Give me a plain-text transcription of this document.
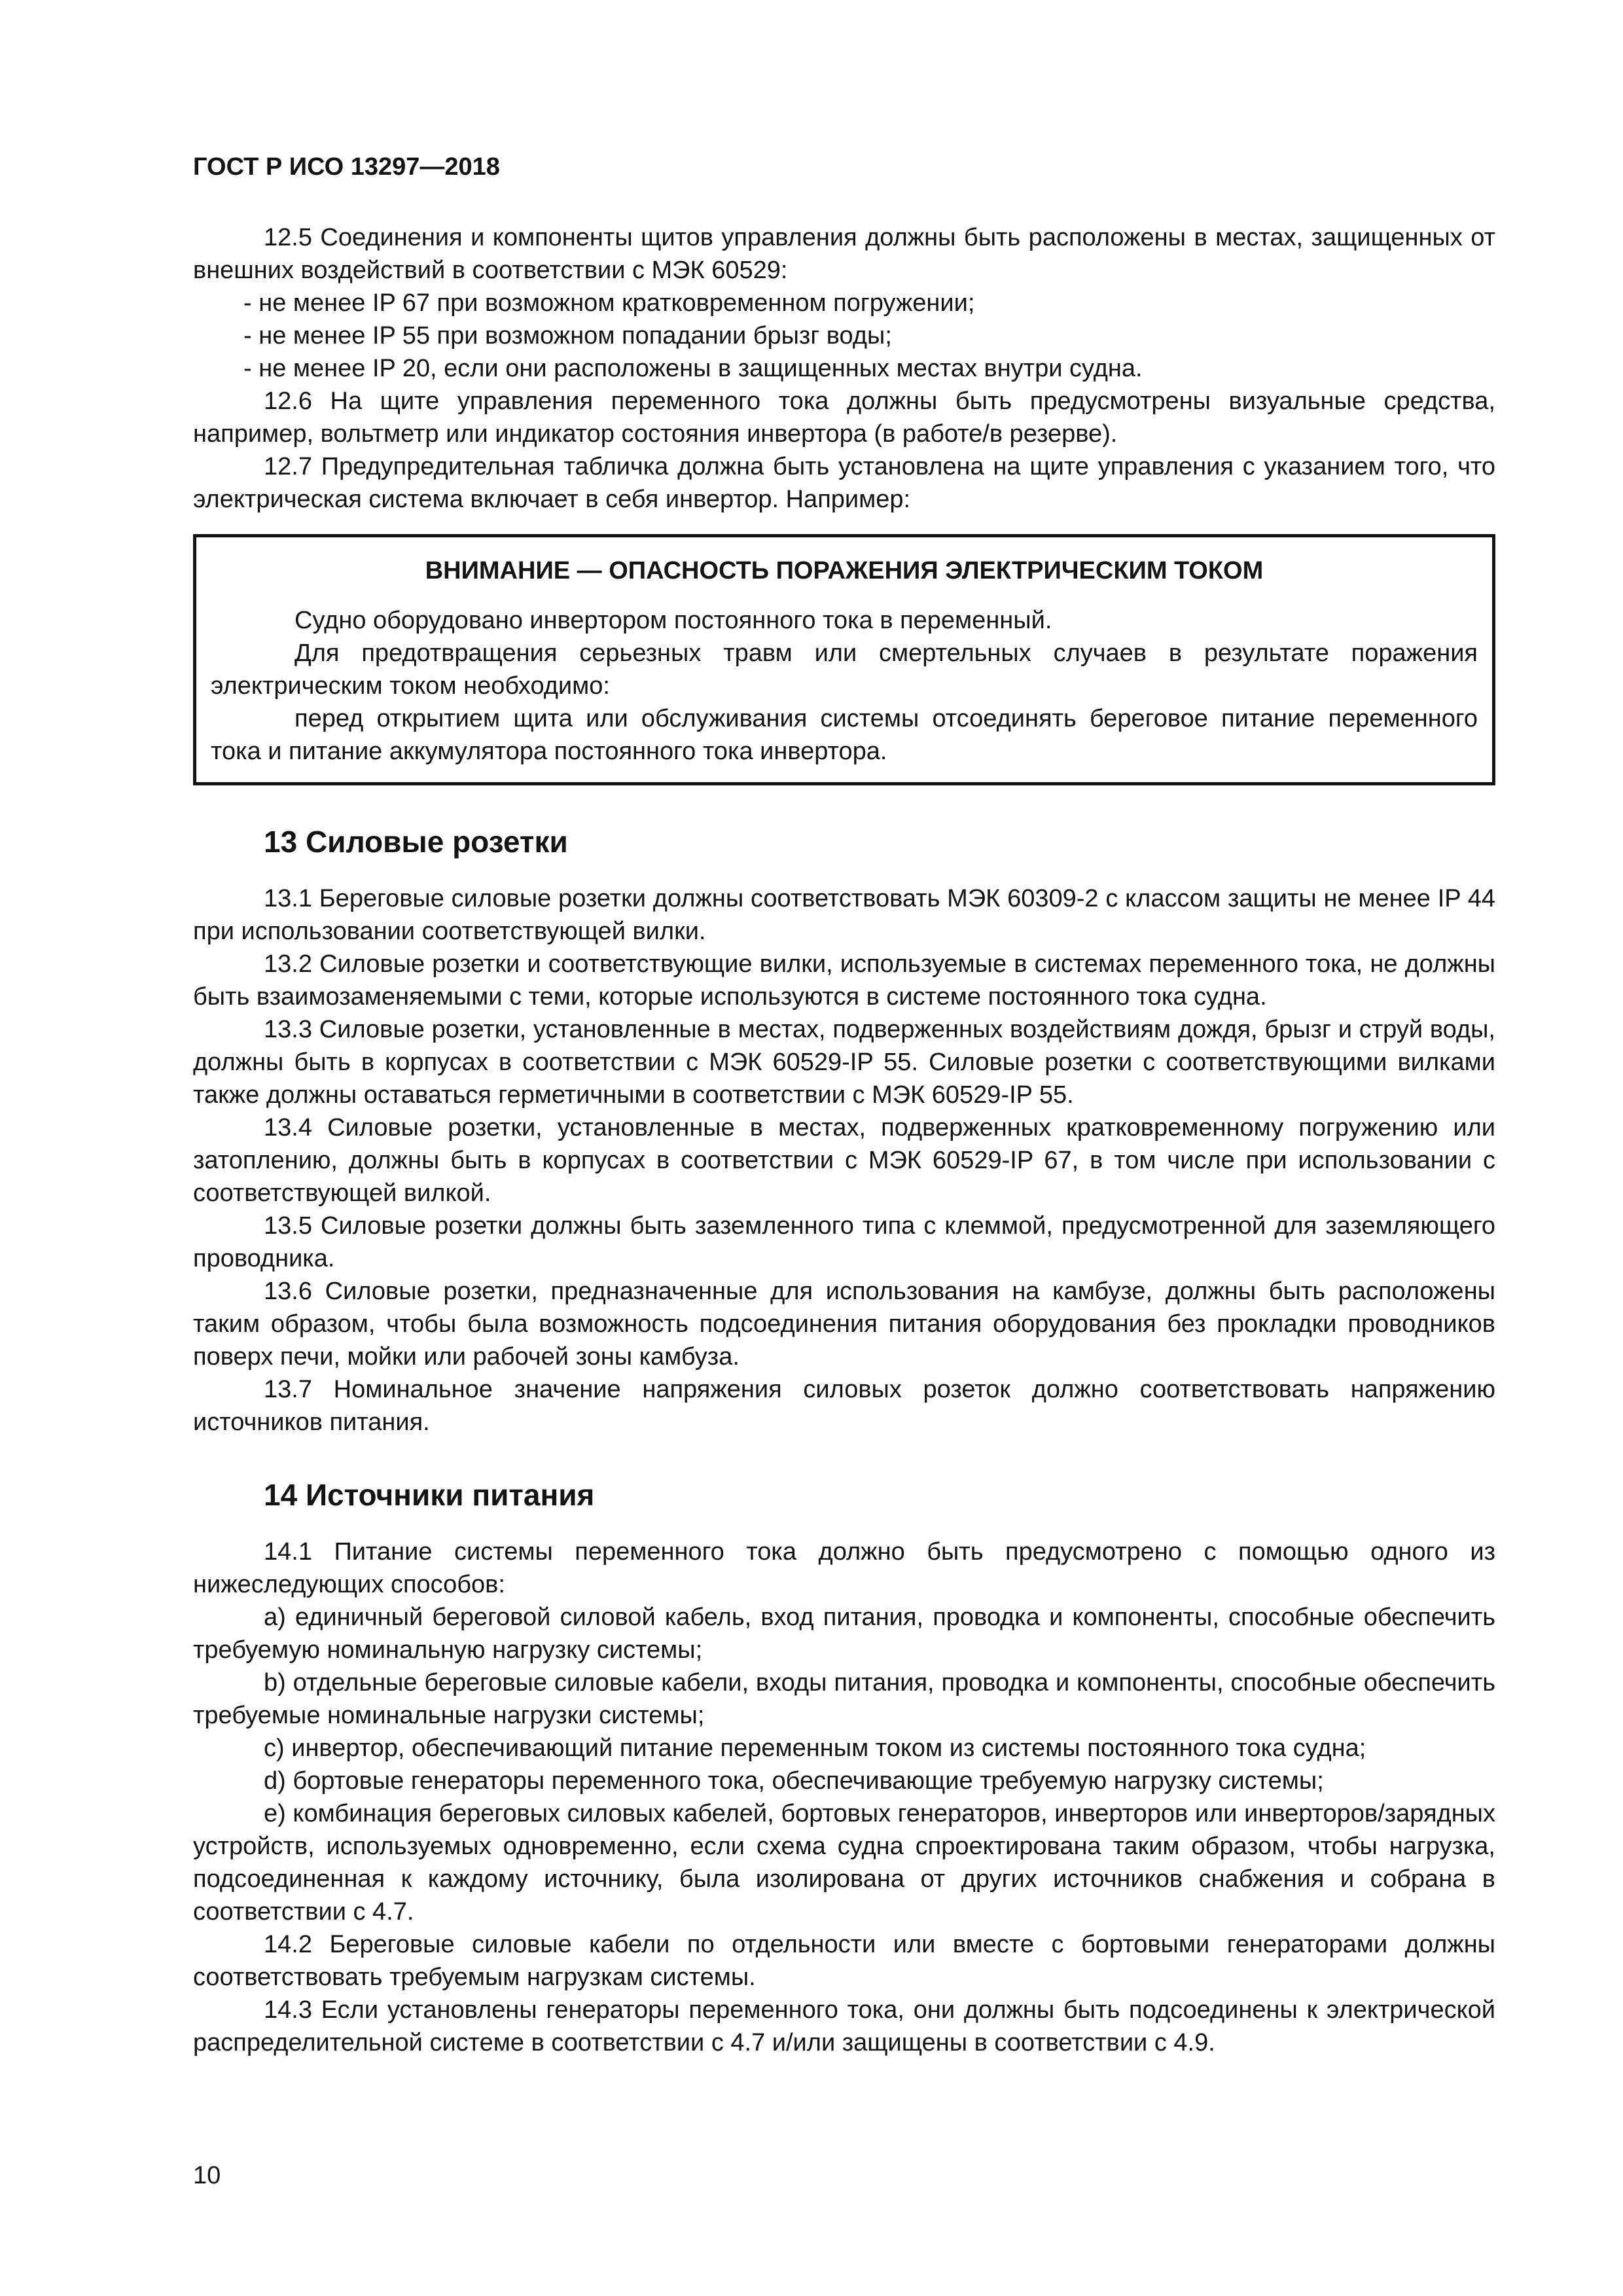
ГОСТ Р ИСО 13297—2018

12.5 Соединения и компоненты щитов управления должны быть расположены в местах, защищенных от внешних воздействий в соответствии с МЭК 60529:

- не менее IP 67 при возможном кратковременном погружении;

- не менее IP 55 при возможном попадании брызг воды;

- не менее IP 20, если они расположены в защищенных местах внутри судна.

12.6 На щите управления переменного тока должны быть предусмотрены визуальные средства, например, вольтметр или индикатор состояния инвертора (в работе/в резерве).

12.7 Предупредительная табличка должна быть установлена на щите управления с указанием того, что электрическая система включает в себя инвертор. Например:

ВНИМАНИЕ — ОПАСНОСТЬ ПОРАЖЕНИЯ ЭЛЕКТРИЧЕСКИМ ТОКОМ

Судно оборудовано инвертором постоянного тока в переменный.

Для предотвращения серьезных травм или смертельных случаев в результате поражения электрическим током необходимо:

перед открытием щита или обслуживания системы отсоединять береговое питание переменного тока и питание аккумулятора постоянного тока инвертора.

13 Силовые розетки

13.1 Береговые силовые розетки должны соответствовать МЭК 60309-2 с классом защиты не менее IP 44 при использовании соответствующей вилки.

13.2 Силовые розетки и соответствующие вилки, используемые в системах переменного тока, не должны быть взаимозаменяемыми с теми, которые используются в системе постоянного тока судна.

13.3 Силовые розетки, установленные в местах, подверженных воздействиям дождя, брызг и струй воды, должны быть в корпусах в соответствии с МЭК 60529-IP 55. Силовые розетки с соответствующими вилками также должны оставаться герметичными в соответствии с МЭК 60529-IP 55.

13.4 Силовые розетки, установленные в местах, подверженных кратковременному погружению или затоплению, должны быть в корпусах в соответствии с МЭК 60529-IP 67, в том числе при использовании с соответствующей вилкой.

13.5 Силовые розетки должны быть заземленного типа с клеммой, предусмотренной для заземляющего проводника.

13.6 Силовые розетки, предназначенные для использования на камбузе, должны быть расположены таким образом, чтобы была возможность подсоединения питания оборудования без прокладки проводников поверх печи, мойки или рабочей зоны камбуза.

13.7 Номинальное значение напряжения силовых розеток должно соответствовать напряжению источников питания.

14 Источники питания

14.1 Питание системы переменного тока должно быть предусмотрено с помощью одного из нижеследующих способов:

a) единичный береговой силовой кабель, вход питания, проводка и компоненты, способные обеспечить требуемую номинальную нагрузку системы;

b) отдельные береговые силовые кабели, входы питания, проводка и компоненты, способные обеспечить требуемые номинальные нагрузки системы;

c) инвертор, обеспечивающий питание переменным током из системы постоянного тока судна;

d) бортовые генераторы переменного тока, обеспечивающие требуемую нагрузку системы;

e) комбинация береговых силовых кабелей, бортовых генераторов, инверторов или инверторов/зарядных устройств, используемых одновременно, если схема судна спроектирована таким образом, чтобы нагрузка, подсоединенная к каждому источнику, была изолирована от других источников снабжения и собрана в соответствии с 4.7.

14.2 Береговые силовые кабели по отдельности или вместе с бортовыми генераторами должны соответствовать требуемым нагрузкам системы.

14.3 Если установлены генераторы переменного тока, они должны быть подсоединены к электрической распределительной системе в соответствии с 4.7 и/или защищены в соответствии с 4.9.

10
